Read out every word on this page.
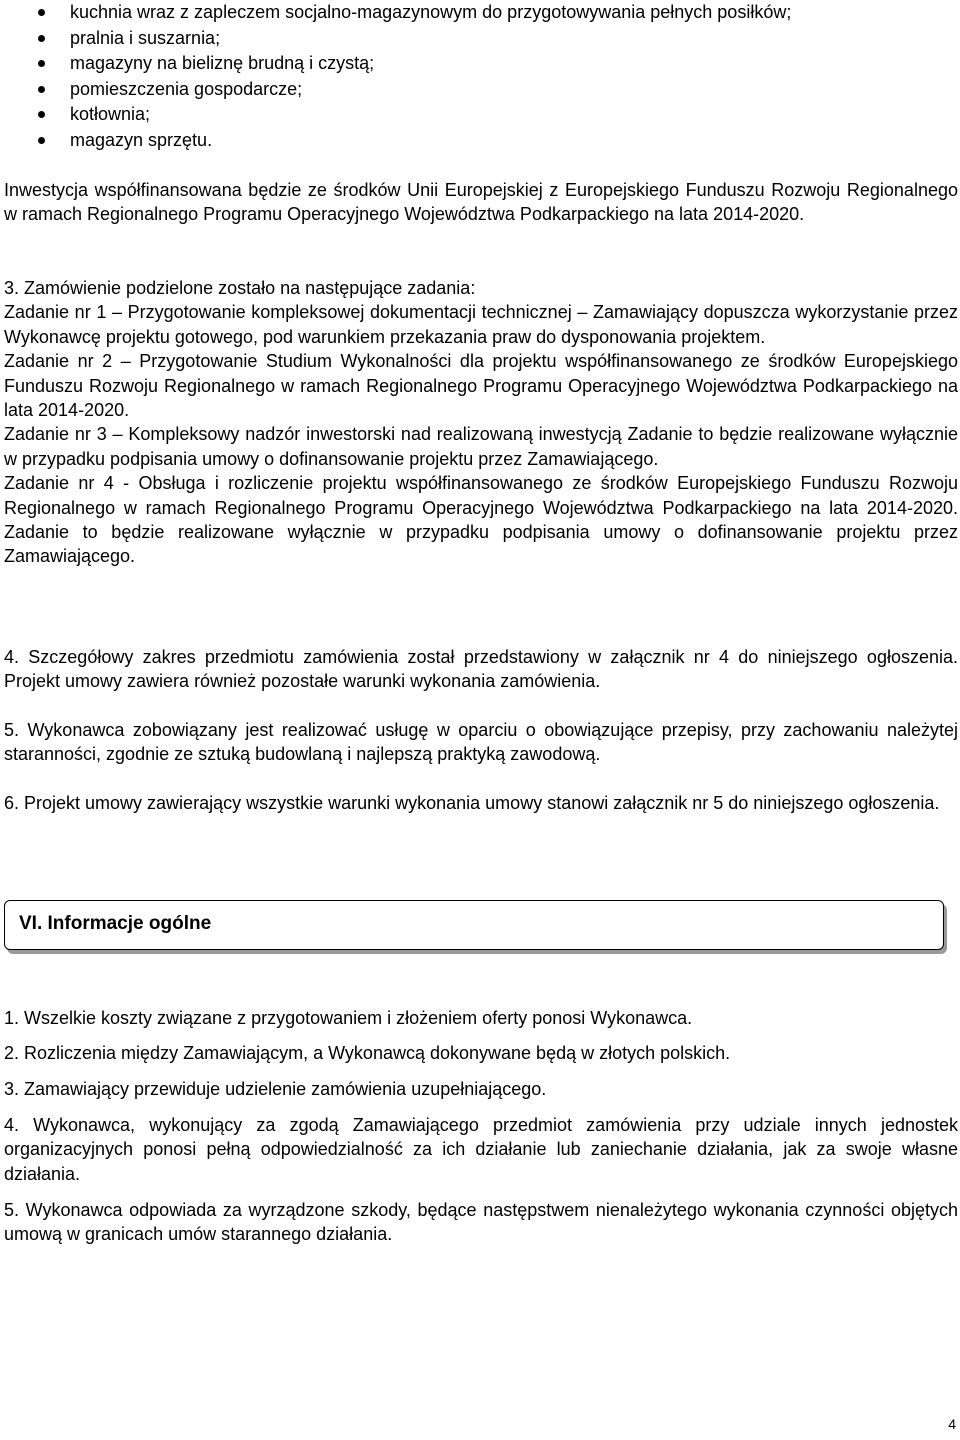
kuchnia wraz z zapleczem socjalno-magazynowym do przygotowywania pełnych posiłków;
pralnia i suszarnia;
magazyny na bieliznę brudną i czystą;
pomieszczenia gospodarcze;
kotłownia;
magazyn sprzętu.

Inwestycja współfinansowana będzie ze środków Unii Europejskiej z Europejskiego Funduszu Rozwoju Regionalnego w ramach Regionalnego Programu Operacyjnego Województwa Podkarpackiego na lata 2014-2020.

3. Zamówienie podzielone zostało na następujące zadania:

Zadanie nr 1 – Przygotowanie kompleksowej dokumentacji technicznej – Zamawiający dopuszcza wykorzystanie przez Wykonawcę projektu gotowego, pod warunkiem przekazania praw do dysponowania projektem.

Zadanie nr 2 – Przygotowanie Studium Wykonalności dla projektu współfinansowanego ze środków Europejskiego Funduszu Rozwoju Regionalnego w ramach Regionalnego Programu Operacyjnego Województwa Podkarpackiego na lata 2014-2020.

Zadanie nr 3 – Kompleksowy nadzór inwestorski nad realizowaną inwestycją Zadanie to będzie realizowane wyłącznie w przypadku podpisania umowy o dofinansowanie projektu przez Zamawiającego.

Zadanie nr 4 - Obsługa i rozliczenie projektu współfinansowanego ze środków Europejskiego Funduszu Rozwoju Regionalnego w ramach Regionalnego Programu Operacyjnego Województwa Podkarpackiego na lata 2014-2020. Zadanie to będzie realizowane wyłącznie w przypadku podpisania umowy o dofinansowanie projektu przez Zamawiającego.

4. Szczegółowy zakres przedmiotu zamówienia został przedstawiony w załącznik nr 4 do niniejszego ogłoszenia. Projekt umowy zawiera również pozostałe warunki wykonania zamówienia.

5. Wykonawca zobowiązany jest realizować usługę w oparciu o obowiązujące przepisy, przy zachowaniu należytej staranności, zgodnie ze sztuką budowlaną i najlepszą praktyką zawodową.

6. Projekt umowy zawierający wszystkie warunki wykonania umowy stanowi załącznik nr 5 do niniejszego ogłoszenia.

VI. Informacje ogólne

1. Wszelkie koszty związane z przygotowaniem i złożeniem oferty ponosi Wykonawca.

2. Rozliczenia między Zamawiającym, a Wykonawcą dokonywane będą w złotych polskich.

3. Zamawiający przewiduje udzielenie zamówienia uzupełniającego.

4. Wykonawca, wykonujący za zgodą Zamawiającego przedmiot zamówienia przy udziale innych jednostek organizacyjnych ponosi pełną odpowiedzialność za ich działanie lub zaniechanie działania, jak za swoje własne działania.

5. Wykonawca odpowiada za wyrządzone szkody, będące następstwem nienależytego wykonania czynności objętych umową w granicach umów starannego działania.

4
